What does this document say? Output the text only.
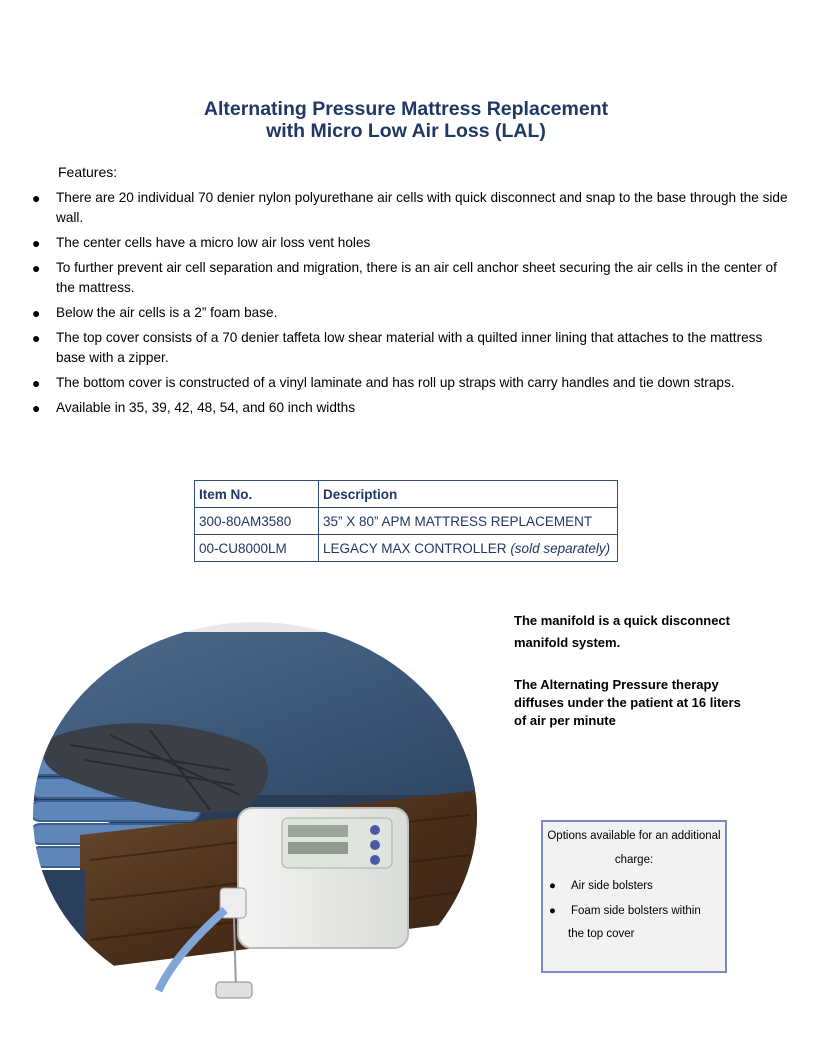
Alternating Pressure Mattress Replacement
with Micro Low Air Loss (LAL)
Features:
● There are 20 individual 70 denier nylon polyurethane air cells with quick disconnect and snap to the base through the side wall.
● The center cells have a micro low air loss vent holes
● To further prevent air cell separation and migration, there is an air cell anchor sheet securing the air cells in the center of the mattress.
● Below the air cells is a 2” foam base.
● The top cover consists of a 70 denier taffeta low shear material with a quilted inner lining that attaches to the mattress base with a zipper.
● The bottom cover is constructed of a vinyl laminate and has roll up straps with carry handles and tie down straps.
● Available in 35, 39, 42, 48, 54, and 60 inch widths
Item No.	Description
300-80AM3580	35” X 80” APM MATTRESS REPLACEMENT
00-CU8000LM	LEGACY MAX CONTROLLER (sold separately)
The manifold is a quick disconnect manifold system.
The Alternating Pressure therapy diffuses under the patient at 16 liters of air per minute
Options available for an additional charge:
● Air side bolsters
● Foam side bolsters within
the top cover
